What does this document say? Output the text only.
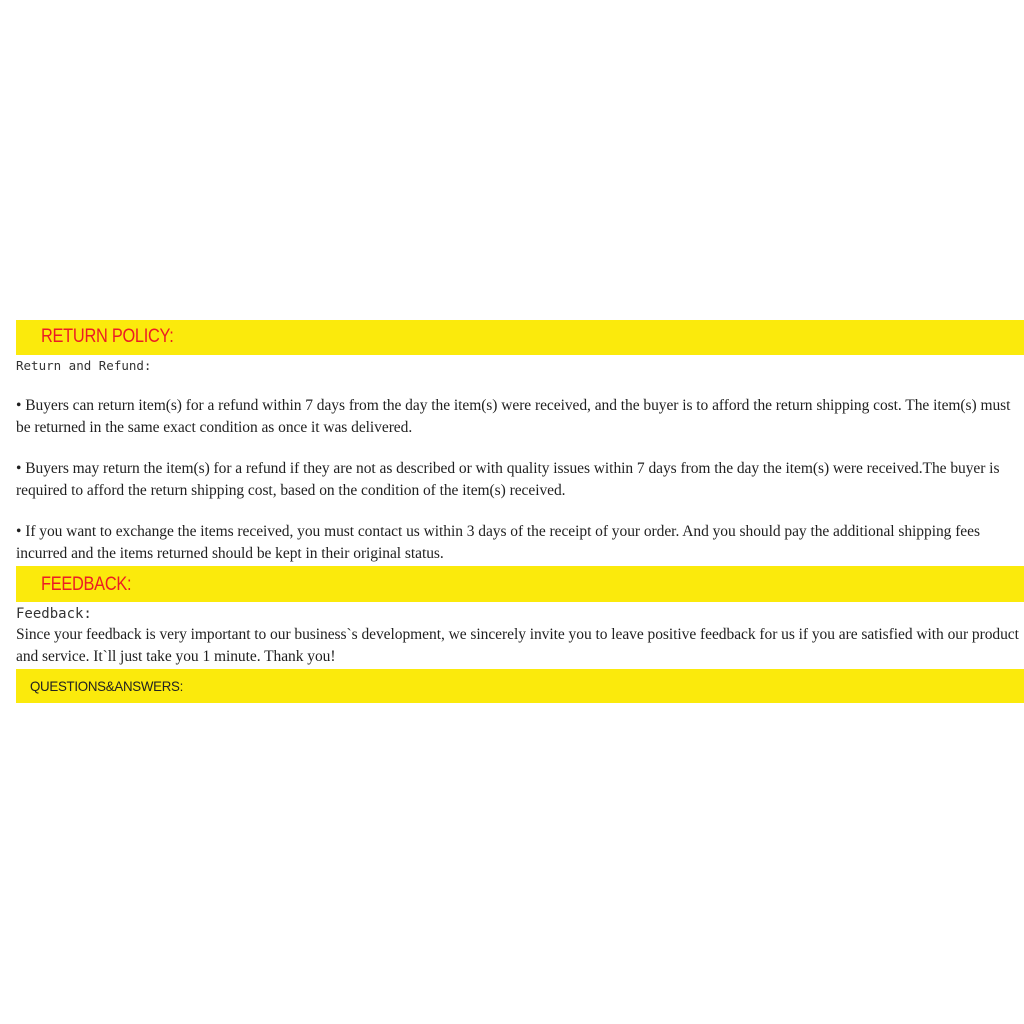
RETURN POLICY:

Return and Refund:

• Buyers can return item(s) for a refund within 7 days from the day the item(s) were received, and the buyer is to afford the return shipping cost. The item(s) must be returned in the same exact condition as once it was delivered.

• Buyers may return the item(s) for a refund if they are not as described or with quality issues within 7 days from the day the item(s) were received.The buyer is required to afford the return shipping cost, based on the condition of the item(s) received.

• If you want to exchange the items received, you must contact us within 3 days of the receipt of your order. And you should pay the additional shipping fees incurred and the items returned should be kept in their original status.

FEEDBACK:

Feedback:

Since your feedback is very important to our business`s development, we sincerely invite you to leave positive feedback for us if you are satisfied with our product and service. It`ll just take you 1 minute. Thank you!

QUESTIONS&ANSWERS:
